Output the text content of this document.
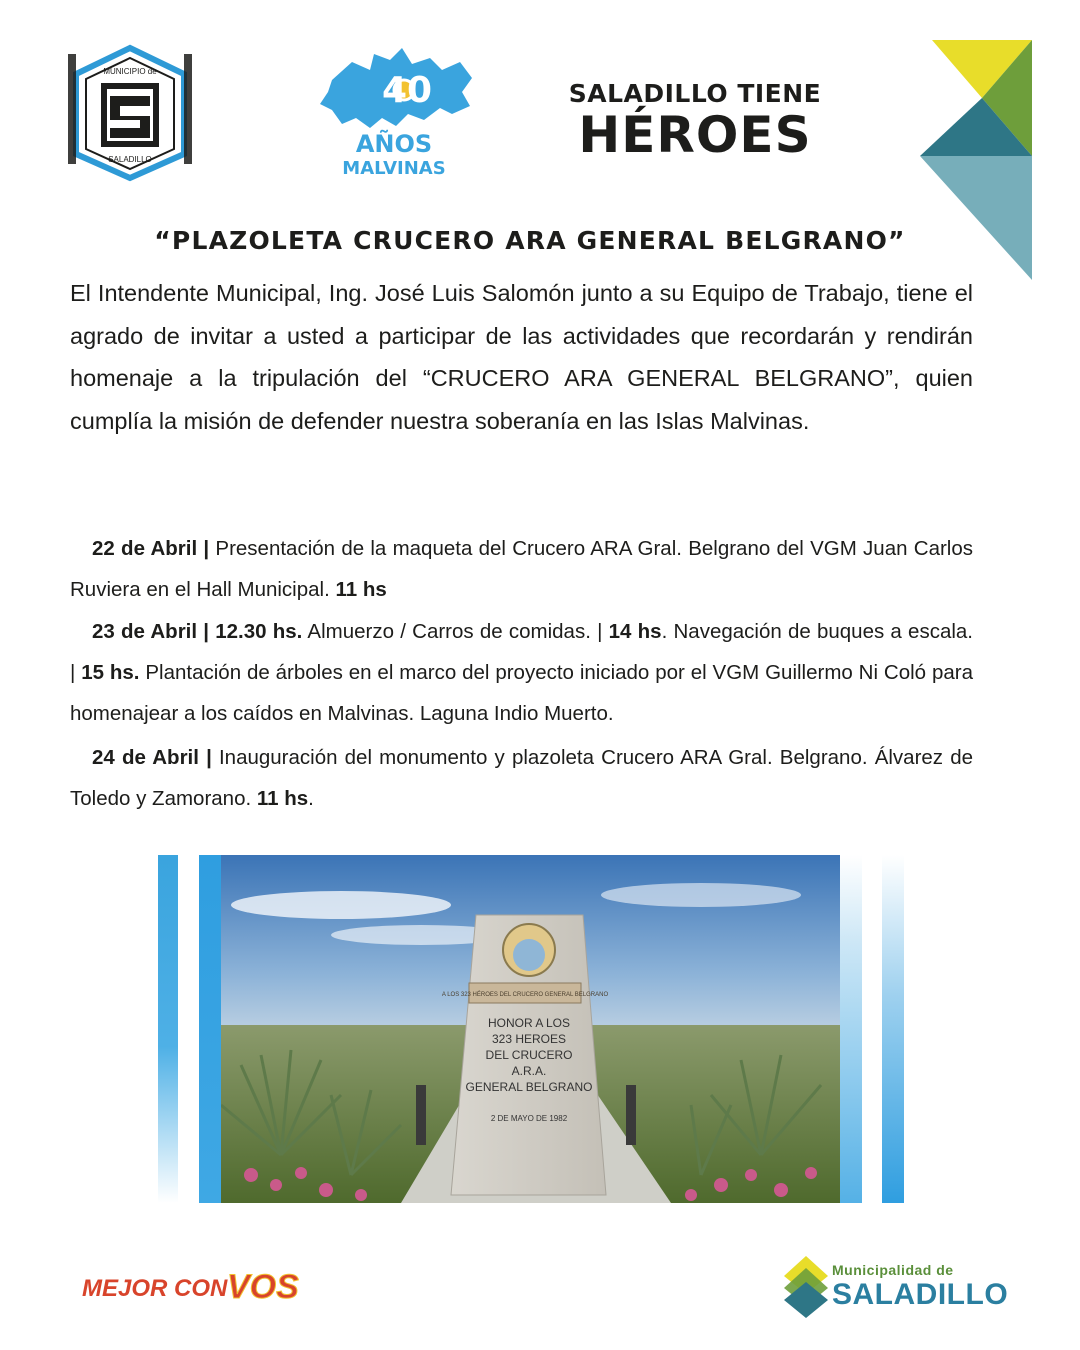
MUNICIPIO de
SALADILLO
40
AÑOS
MALVINAS
SALADILLO TIENE
HÉROES
“PLAZOLETA CRUCERO ARA GENERAL BELGRANO”
El Intendente Municipal, Ing. José Luis Salomón junto a su Equipo de Trabajo, tiene el agrado de invitar a usted a participar de las actividades que recordarán y rendirán homenaje a la tripulación del “CRUCERO ARA GENERAL BELGRANO”, quien cumplía la misión de defender nuestra soberanía en las Islas Malvinas.
22 de Abril | Presentación de la maqueta del Crucero ARA Gral. Belgrano del VGM Juan Carlos Ruviera en el Hall Municipal. 11 hs
23 de Abril | 12.30 hs. Almuerzo / Carros de comidas. | 14 hs. Navegación de buques a escala. | 15 hs. Plantación de árboles en el marco del proyecto iniciado por el VGM Guillermo Ni Coló para homenajear a los caídos en Malvinas. Laguna Indio Muerto.
24 de Abril | Inauguración del monumento y plazoleta Crucero ARA Gral. Belgrano. Álvarez de Toledo y Zamorano. 11 hs.
A LOS 323 HÉROES DEL CRUCERO GENERAL BELGRANO
HONOR A LOS
323 HEROES
DEL CRUCERO
A.R.A.
GENERAL BELGRANO
2 DE MAYO DE 1982
MEJOR CON VOS	Municipalidad de
SALADILLO
